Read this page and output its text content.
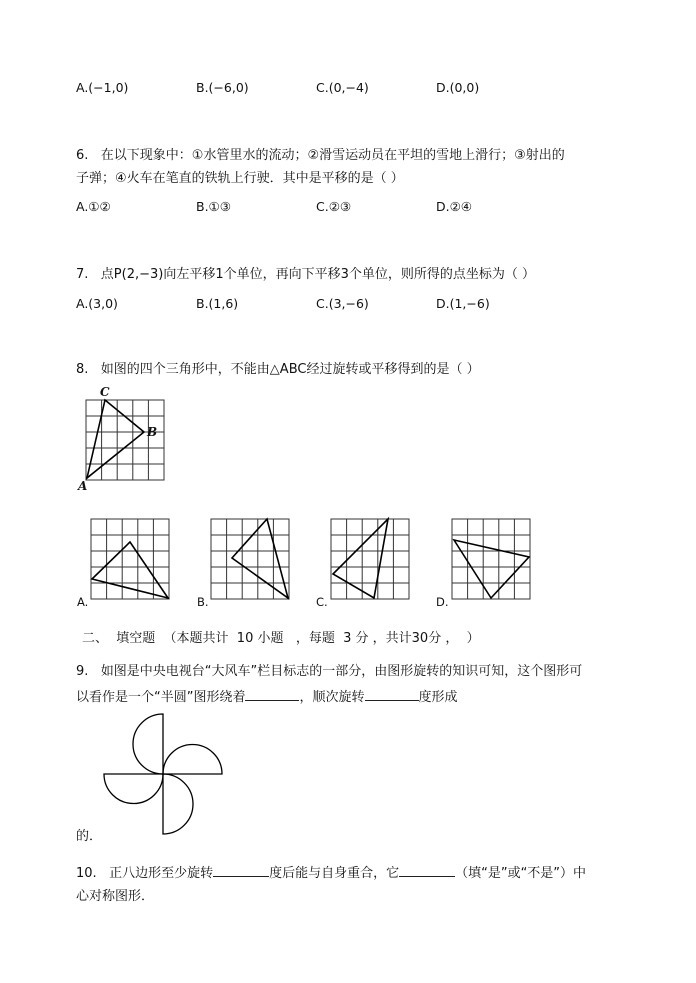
A.(−1,0)	B.(−6,0)	C.(0,−4)	D.(0,0)
6.   在以下现象中：①水管里水的流动；②滑雪运动员在平坦的雪地上滑行；③射出的
子弹；④火车在笔直的铁轨上行驶．其中是平移的是（ ）
A.①②	B.①③	C.②③	D.②④
7.   点P(2,−3)向左平移1个单位，再向下平移3个单位，则所得的点坐标为（ ）
A.(3,0)	B.(1,6)	C.(3,−6)	D.(1,−6)
8.   如图的四个三角形中，不能由△ABC经过旋转或平移得到的是（ ）
C
B
A
A.	B.	C.	D.
二、  填空题  （本题共计  10 小题   ，每题  3 分 ，共计30分 ，  ）
9.   如图是中央电视台“大风车”栏目标志的一部分，由图形旋转的知识可知，这个图形可
以看作是一个“半圆”图形绕着	，顺次旋转	度形成
的．
10.   正八边形至少旋转	度后能与自身重合，它	（填“是”或“不是”）中
心对称图形．
